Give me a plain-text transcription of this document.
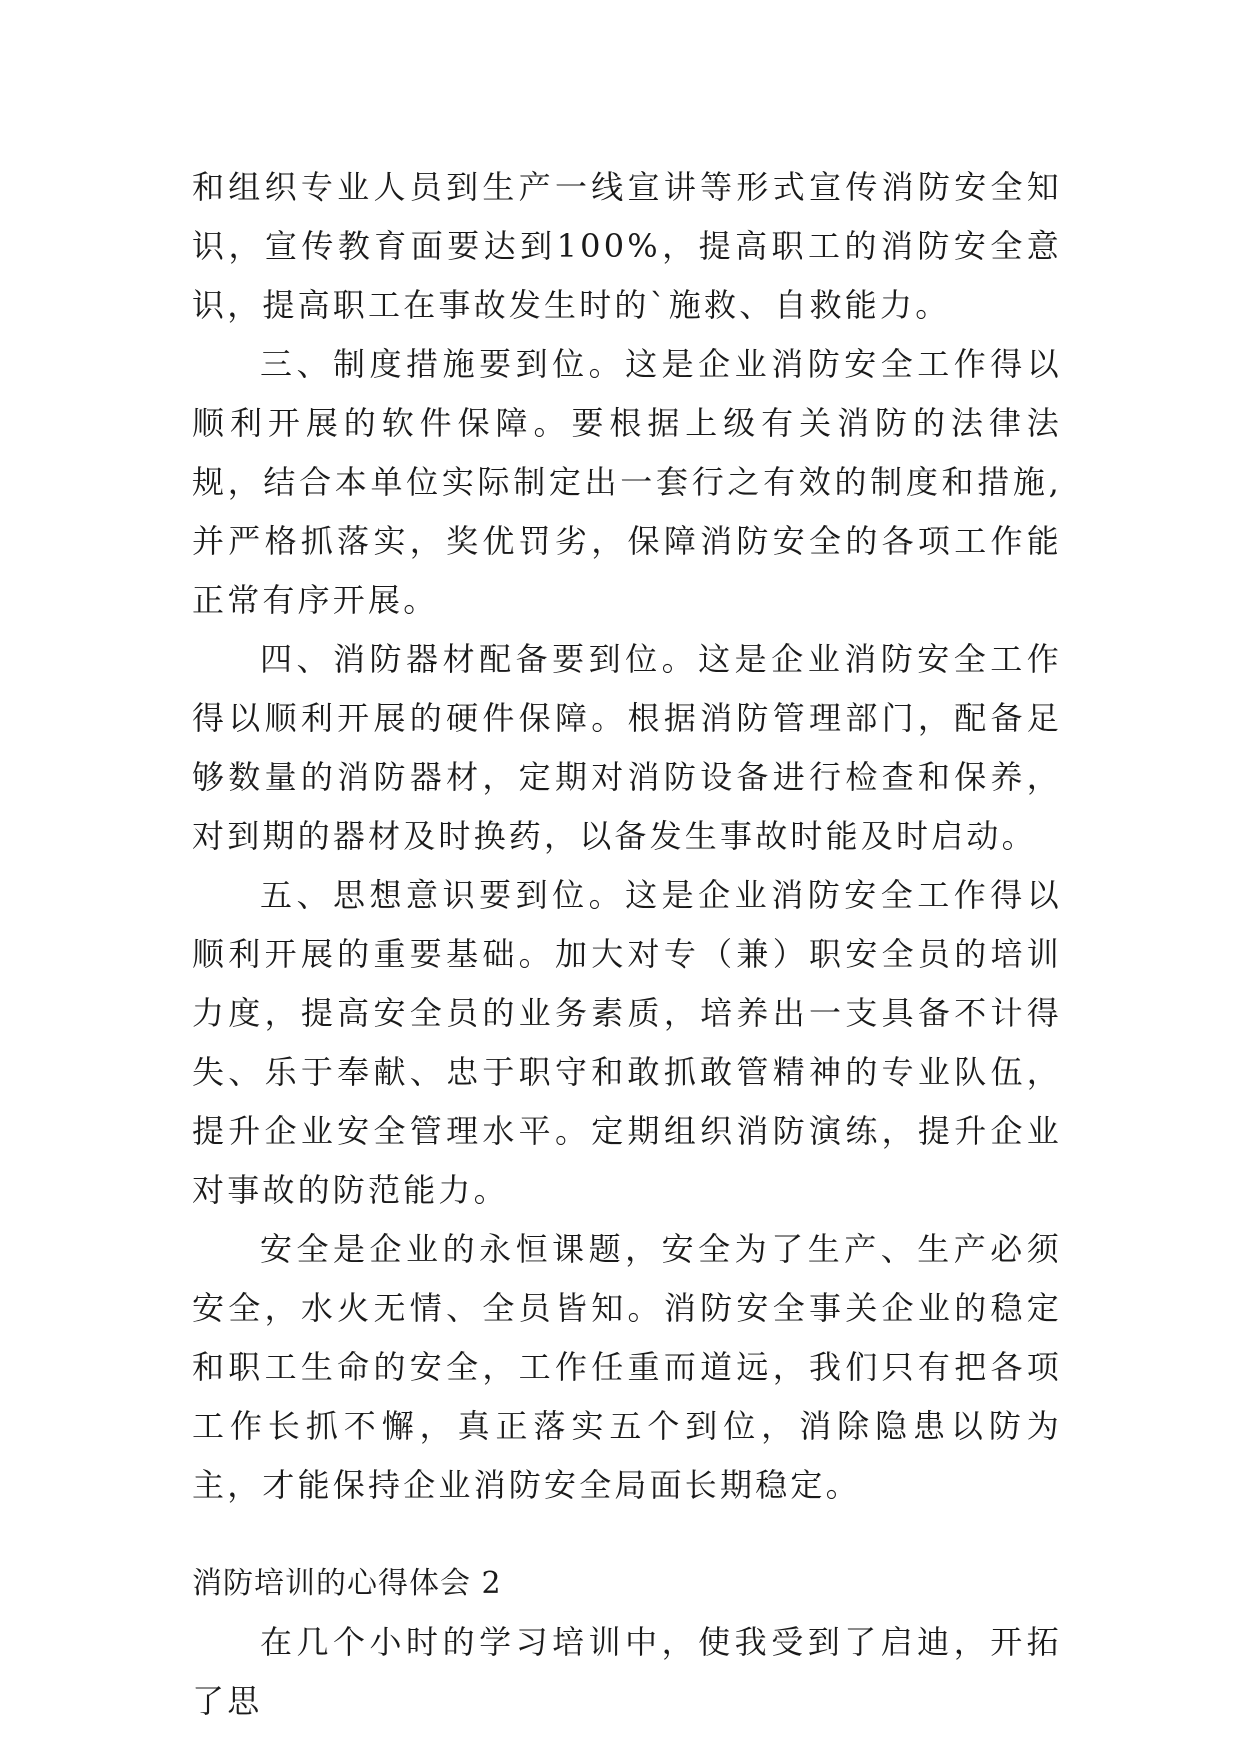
和组织专业人员到生产一线宣讲等形式宣传消防安全知识，宣传教育面要达到100%，提高职工的消防安全意识，提高职工在事故发生时的`施救、自救能力。

三、制度措施要到位。这是企业消防安全工作得以顺利开展的软件保障。要根据上级有关消防的法律法规，结合本单位实际制定出一套行之有效的制度和措施,并严格抓落实，奖优罚劣，保障消防安全的各项工作能正常有序开展。

四、消防器材配备要到位。这是企业消防安全工作得以顺利开展的硬件保障。根据消防管理部门，配备足够数量的消防器材，定期对消防设备进行检查和保养，对到期的器材及时换药，以备发生事故时能及时启动。

五、思想意识要到位。这是企业消防安全工作得以顺利开展的重要基础。加大对专（兼）职安全员的培训力度，提高安全员的业务素质，培养出一支具备不计得失、乐于奉献、忠于职守和敢抓敢管精神的专业队伍，提升企业安全管理水平。定期组织消防演练，提升企业对事故的防范能力。

安全是企业的永恒课题，安全为了生产、生产必须安全，水火无情、全员皆知。消防安全事关企业的稳定和职工生命的安全，工作任重而道远，我们只有把各项工作长抓不懈，真正落实五个到位，消除隐患以防为主，才能保持企业消防安全局面长期稳定。

消防培训的心得体会 2

在几个小时的学习培训中，使我受到了启迪，开拓了思
